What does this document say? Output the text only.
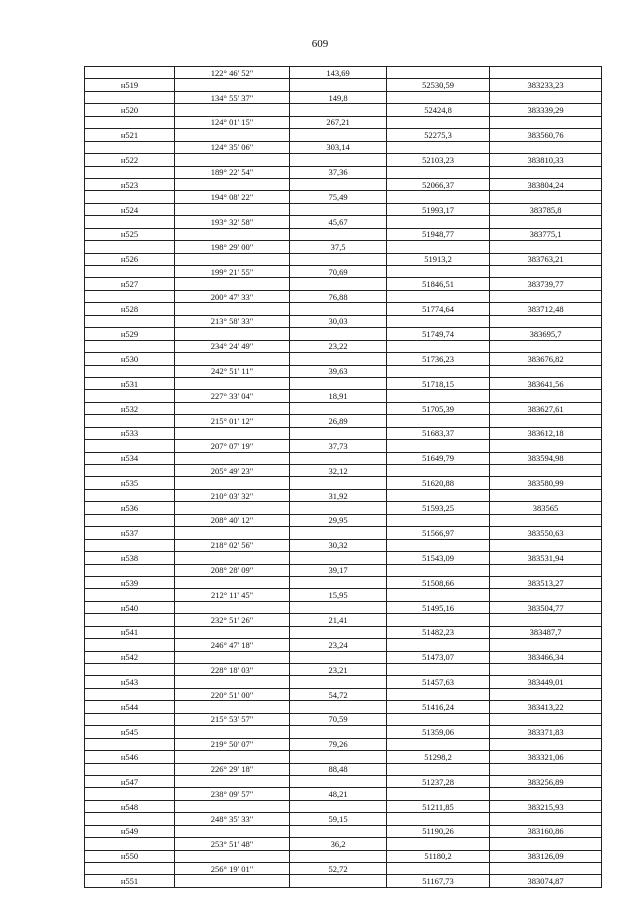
609
	122° 46' 52"	143,69		
н519			52530,59	383233,23
	134° 55' 37"	149,8		
н520			52424,8	383339,29
	124° 01' 15"	267,21		
н521			52275,3	383560,76
	124° 35' 06"	303,14		
н522			52103,23	383810,33
	189° 22' 54"	37,36		
н523			52066,37	383804,24
	194° 08' 22"	75,49		
н524			51993,17	383785,8
	193° 32' 58"	45,67		
н525			51948,77	383775,1
	198° 29' 00"	37,5		
н526			51913,2	383763,21
	199° 21' 55"	70,69		
н527			51846,51	383739,77
	200° 47' 33"	76,88		
н528			51774,64	383712,48
	213° 58' 33"	30,03		
н529			51749,74	383695,7
	234° 24' 49"	23,22		
н530			51736,23	383676,82
	242° 51' 11"	39,63		
н531			51718,15	383641,56
	227° 33' 04"	18,91		
н532			51705,39	383627,61
	215° 01' 12"	26,89		
н533			51683,37	383612,18
	207° 07' 19"	37,73		
н534			51649,79	383594,98
	205° 49' 23"	32,12		
н535			51620,88	383580,99
	210° 03' 32"	31,92		
н536			51593,25	383565
	208° 40' 12"	29,95		
н537			51566,97	383550,63
	218° 02' 56"	30,32		
н538			51543,09	383531,94
	208° 28' 09"	39,17		
н539			51508,66	383513,27
	212° 11' 45"	15,95		
н540			51495,16	383504,77
	232° 51' 26"	21,41		
н541			51482,23	383487,7
	246° 47' 18"	23,24		
н542			51473,07	383466,34
	228° 18' 03"	23,21		
н543			51457,63	383449,01
	220° 51' 00"	54,72		
н544			51416,24	383413,22
	215° 53' 57"	70,59		
н545			51359,06	383371,83
	219° 50' 07"	79,26		
н546			51298,2	383321,06
	226° 29' 18"	88,48		
н547			51237,28	383256,89
	238° 09' 57"	48,21		
н548			51211,85	383215,93
	248° 35' 33"	59,15		
н549			51190,26	383160,86
	253° 51' 48"	36,2		
н550			51180,2	383126,09
	256° 19' 01"	52,72		
н551			51167,73	383074,87
